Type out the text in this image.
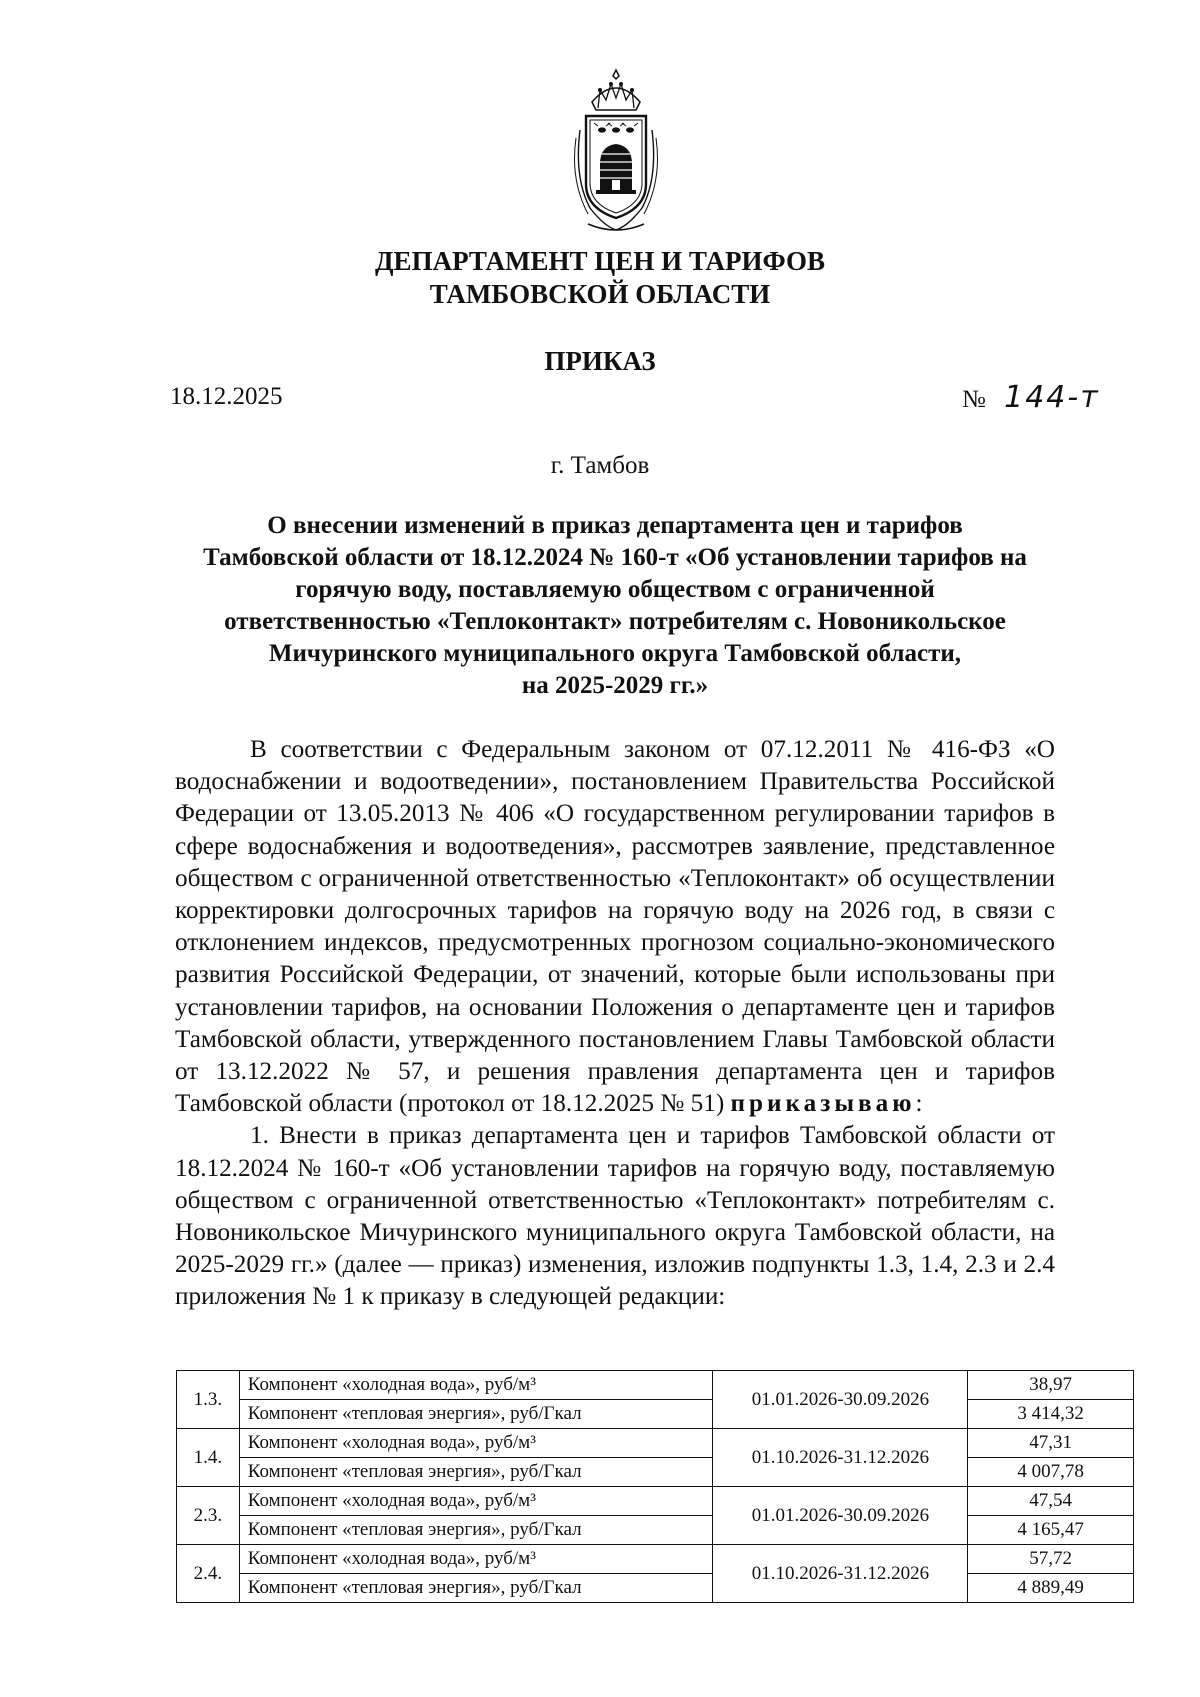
ДЕПАРТАМЕНТ ЦЕН И ТАРИФОВ
ТАМБОВСКОЙ ОБЛАСТИ
ПРИКАЗ
18.12.2025	№ 144-т
г. Тамбов
О внесении изменений в приказ департамента цен и тарифов
Тамбовской области от 18.12.2024 № 160-т «Об установлении тарифов на
горячую воду, поставляемую обществом с ограниченной
ответственностью «Теплоконтакт» потребителям с. Новоникольское
Мичуринского муниципального округа Тамбовской области,
на 2025-2029 гг.»

В соответствии с Федеральным законом от 07.12.2011 № 416-ФЗ «О водоснабжении и водоотведении», постановлением Правительства Российской Федерации от 13.05.2013 № 406 «О государственном регулировании тарифов в сфере водоснабжения и водоотведения», рассмотрев заявление, представленное обществом с ограниченной ответственностью «Теплоконтакт» об осуществлении корректировки долгосрочных тарифов на горячую воду на 2026 год, в связи с отклонением индексов, предусмотренных прогнозом социально-экономического развития Российской Федерации, от значений, которые были использованы при установлении тарифов, на основании Положения о департаменте цен и тарифов Тамбовской области, утвержденного постановлением Главы Тамбовской области от 13.12.2022 № 57, и решения правления департамента цен и тарифов Тамбовской области (протокол от 18.12.2025 № 51) приказываю:

1. Внести в приказ департамента цен и тарифов Тамбовской области от 18.12.2024 № 160-т «Об установлении тарифов на горячую воду, поставляемую обществом с ограниченной ответственностью «Теплоконтакт» потребителям с. Новоникольское Мичуринского муниципального округа Тамбовской области, на 2025-2029 гг.» (далее — приказ) изменения, изложив подпункты 1.3, 1.4, 2.3 и 2.4 приложения № 1 к приказу в следующей редакции:

1.3.	Компонент «холодная вода», руб/м³	01.01.2026-30.09.2026	38,97
	Компонент «тепловая энергия», руб/Гкал		3 414,32
1.4.	Компонент «холодная вода», руб/м³	01.10.2026-31.12.2026	47,31
	Компонент «тепловая энергия», руб/Гкал		4 007,78
2.3.	Компонент «холодная вода», руб/м³	01.01.2026-30.09.2026	47,54
	Компонент «тепловая энергия», руб/Гкал		4 165,47
2.4.	Компонент «холодная вода», руб/м³	01.10.2026-31.12.2026	57,72
	Компонент «тепловая энергия», руб/Гкал		4 889,49
